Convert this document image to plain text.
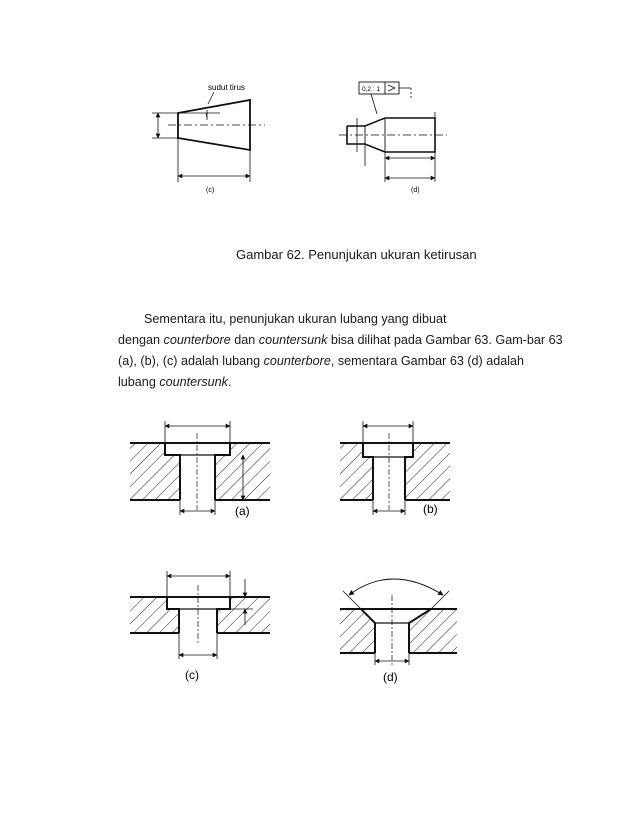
sudut tirus
(c)
0,2 : 1
(d)
Gambar 62. Penunjukan ukuran ketirusan
Sementara itu, penunjukan ukuran lubang yang dibuat
dengan counterbore dan countersunk bisa dilihat pada Gambar 63. Gam-bar 63
(a), (b), (c) adalah lubang counterbore, sementara Gambar 63 (d) adalah
lubang countersunk.
(a)	(b)
(c)	(d)
